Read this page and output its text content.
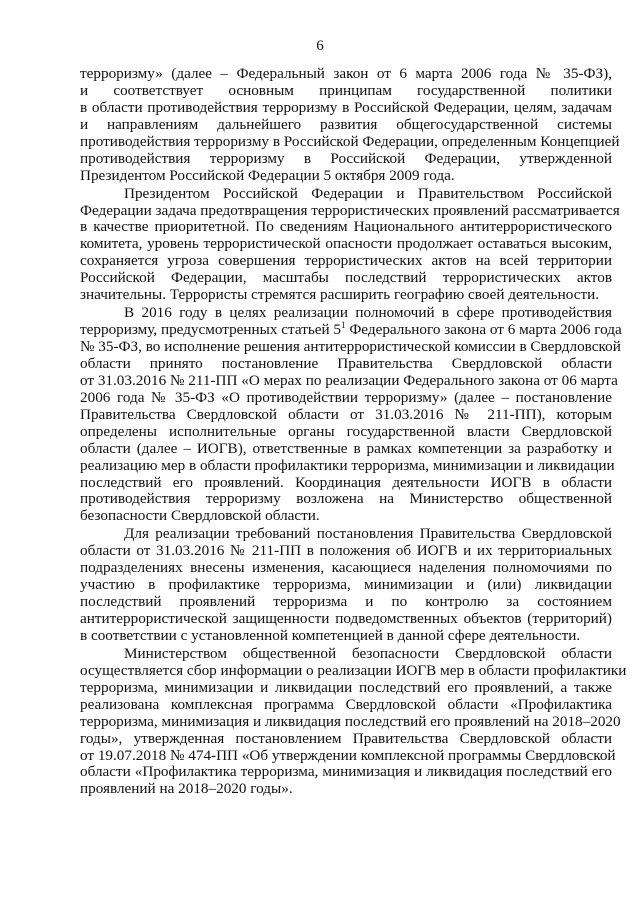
6
терроризму» (далее – Федеральный закон от 6 марта 2006 года № 35-ФЗ),
и соответствует основным принципам государственной политики
в области противодействия терроризму в Российской Федерации, целям, задачам
и направлениям дальнейшего развития общегосударственной системы
противодействия терроризму в Российской Федерации, определенным Концепцией
противодействия терроризму в Российской Федерации, утвержденной
Президентом Российской Федерации 5 октября 2009 года.
Президентом Российской Федерации и Правительством Российской
Федерации задача предотвращения террористических проявлений рассматривается
в качестве приоритетной. По сведениям Национального антитеррористического
комитета, уровень террористической опасности продолжает оставаться высоким,
сохраняется угроза совершения террористических актов на всей территории
Российской Федерации, масштабы последствий террористических актов
значительны. Террористы стремятся расширить географию своей деятельности.
В 2016 году в целях реализации полномочий в сфере противодействия
терроризму, предусмотренных статьей $5^1$ Федерального закона от 6 марта 2006 года
№ 35-ФЗ, во исполнение решения антитеррористической комиссии в Свердловской
области принято постановление Правительства Свердловской области
от 31.03.2016 № 211-ПП «О мерах по реализации Федерального закона от 06 марта
2006 года № 35-ФЗ «О противодействии терроризму» (далее – постановление
Правительства Свердловской области от 31.03.2016 № 211-ПП), которым
определены исполнительные органы государственной власти Свердловской
области (далее – ИОГВ), ответственные в рамках компетенции за разработку и
реализацию мер в области профилактики терроризма, минимизации и ликвидации
последствий его проявлений. Координация деятельности ИОГВ в области
противодействия терроризму возложена на Министерство общественной
безопасности Свердловской области.
Для реализации требований постановления Правительства Свердловской
области от 31.03.2016 № 211-ПП в положения об ИОГВ и их территориальных
подразделениях внесены изменения, касающиеся наделения полномочиями по
участию в профилактике терроризма, минимизации и (или) ликвидации
последствий проявлений терроризма и по контролю за состоянием
антитеррористической защищенности подведомственных объектов (территорий)
в соответствии с установленной компетенцией в данной сфере деятельности.
Министерством общественной безопасности Свердловской области
осуществляется сбор информации о реализации ИОГВ мер в области профилактики
терроризма, минимизации и ликвидации последствий его проявлений, а также
реализована комплексная программа Свердловской области «Профилактика
терроризма, минимизация и ликвидация последствий его проявлений на 2018–2020
годы», утвержденная постановлением Правительства Свердловской области
от 19.07.2018 № 474-ПП «Об утверждении комплексной программы Свердловской
области «Профилактика терроризма, минимизация и ликвидация последствий его
проявлений на 2018–2020 годы».
